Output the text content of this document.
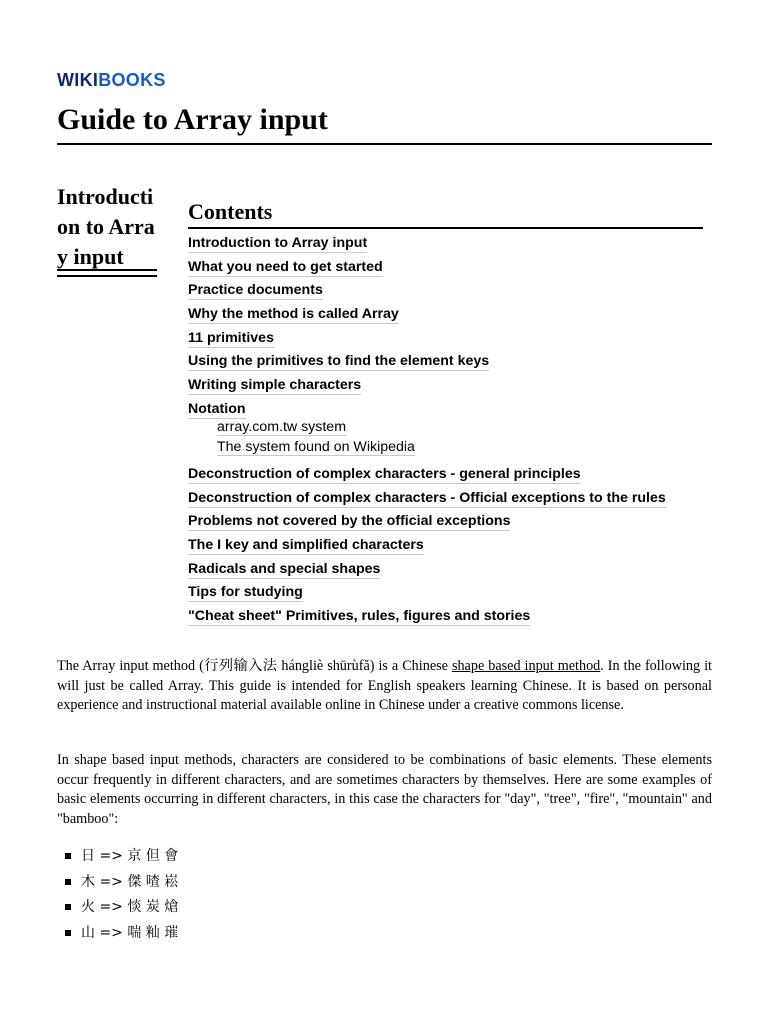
WIKIBOOKS
Guide to Array input
Introduction to Array input
Contents
Introduction to Array input
What you need to get started
Practice documents
Why the method is called Array
11 primitives
Using the primitives to find the element keys
Writing simple characters
Notation
array.com.tw system
The system found on Wikipedia
Deconstruction of complex characters - general principles
Deconstruction of complex characters - Official exceptions to the rules
Problems not covered by the official exceptions
The I key and simplified characters
Radicals and special shapes
Tips for studying
"Cheat sheet" Primitives, rules, figures and stories

The Array input method (行列输入法 hángliè shūrùfǎ) is a Chinese shape based input method. In the following it will just be called Array. This guide is intended for English speakers learning Chinese. It is based on personal experience and instructional material available online in Chinese under a creative commons license.

In shape based input methods, characters are considered to be combinations of basic elements. These elements occur frequently in different characters, and are sometimes characters by themselves. Here are some examples of basic elements occurring in different characters, in this case the characters for "day", "tree", "fire", "mountain" and "bamboo":

日 => 京 但 會
木 => 傑 喳 崧
火 => 惔 炭 熗
山 => 喘 籼 璀
